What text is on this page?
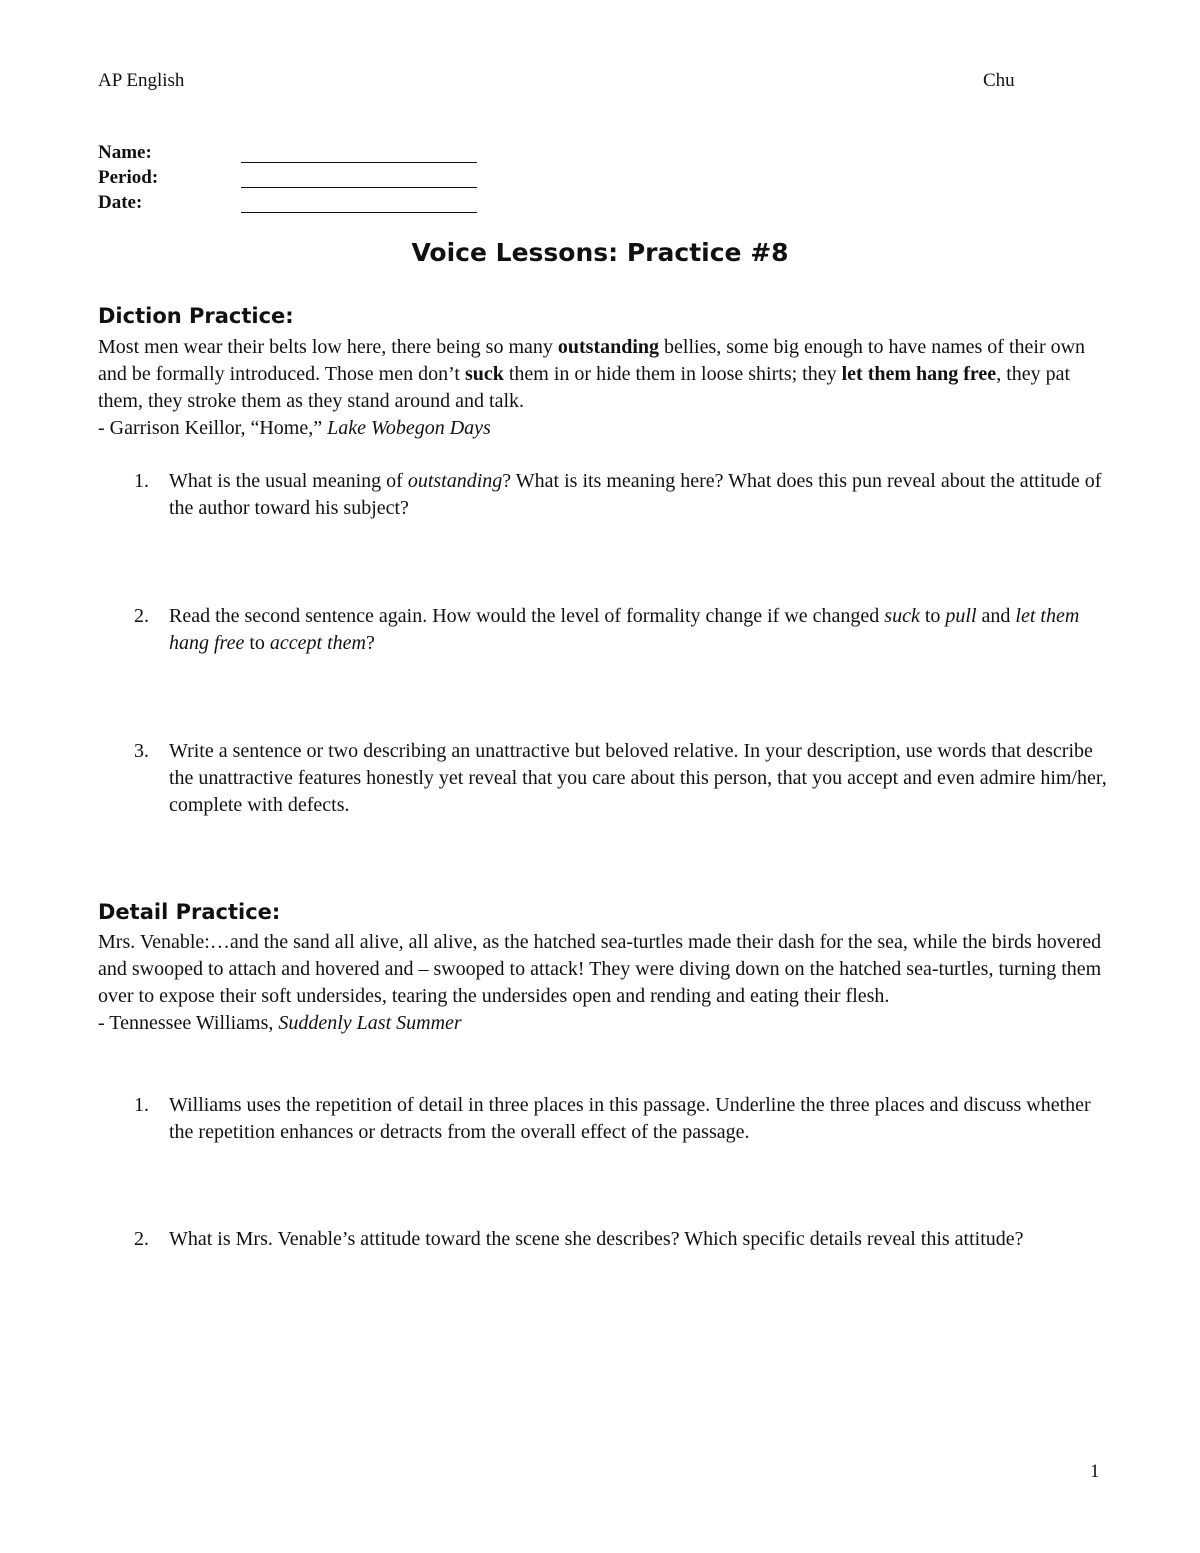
AP English	Chu
Name:
Period:
Date:
Voice Lessons: Practice #8
Diction Practice:

Most men wear their belts low here, there being so many outstanding bellies, some big enough to have names of their own and be formally introduced. Those men don’t suck them in or hide them in loose shirts; they let them hang free, they pat them, they stroke them as they stand around and talk.

- Garrison Keillor, “Home,” Lake Wobegon Days

1. What is the usual meaning of outstanding? What is its meaning here? What does this pun reveal about the attitude of the author toward his subject?
2. Read the second sentence again. How would the level of formality change if we changed suck to pull and let them hang free to accept them?
3. Write a sentence or two describing an unattractive but beloved relative. In your description, use words that describe the unattractive features honestly yet reveal that you care about this person, that you accept and even admire him/her, complete with defects.
Detail Practice:

Mrs. Venable:…and the sand all alive, all alive, as the hatched sea-turtles made their dash for the sea, while the birds hovered and swooped to attach and hovered and – swooped to attack! They were diving down on the hatched sea-turtles, turning them over to expose their soft undersides, tearing the undersides open and rending and eating their flesh.

- Tennessee Williams, Suddenly Last Summer

1. Williams uses the repetition of detail in three places in this passage. Underline the three places and discuss whether the repetition enhances or detracts from the overall effect of the passage.
2. What is Mrs. Venable’s attitude toward the scene she describes? Which specific details reveal this attitude?
1
